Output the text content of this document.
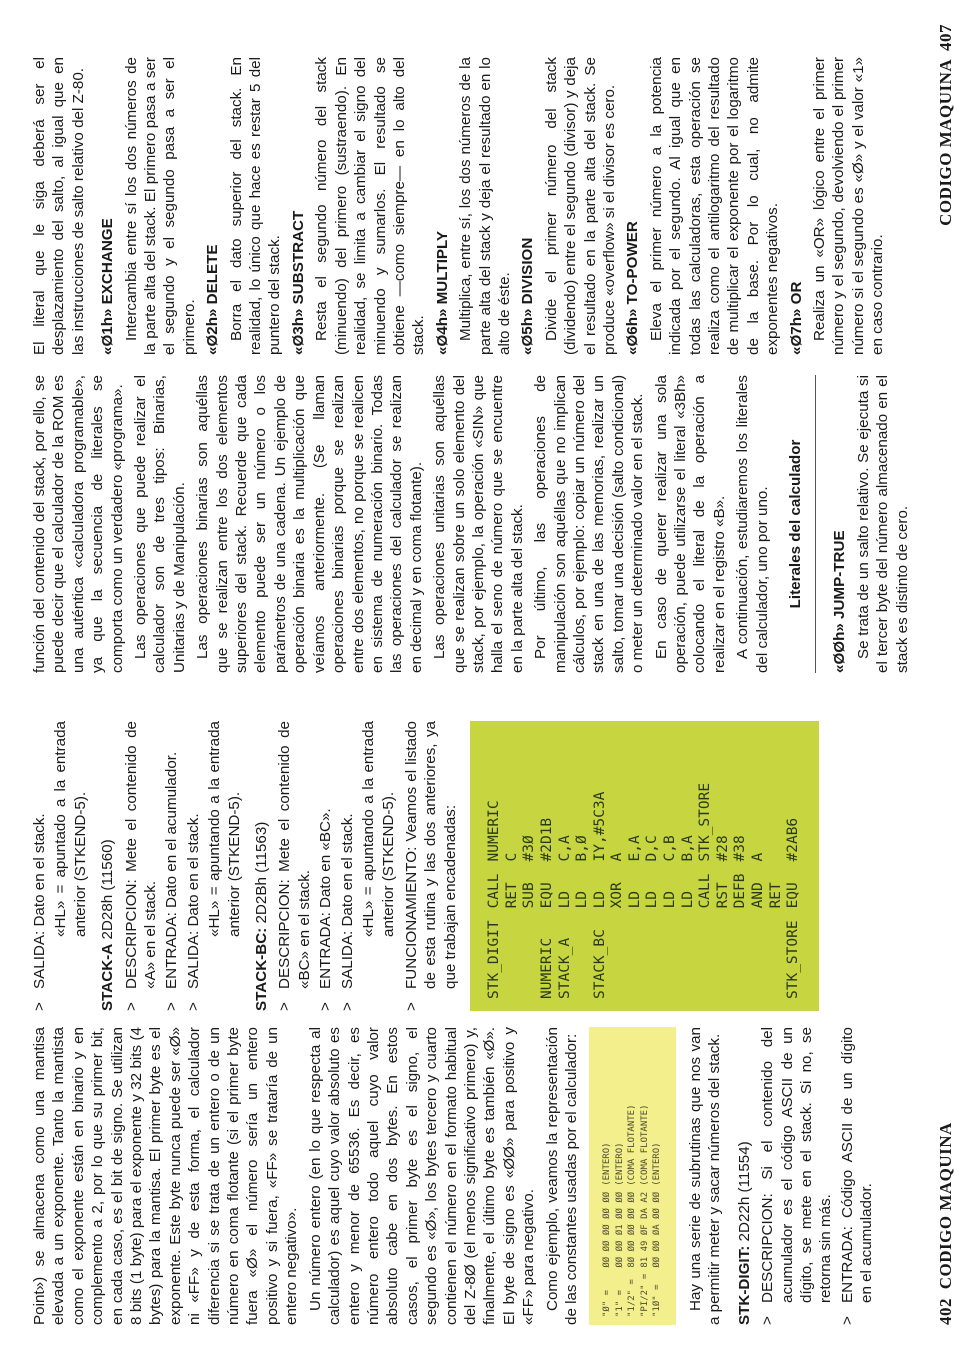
Point») se almacena como una mantisa elevada a un exponente. Tanto la mantista como el exponente están en binario y en complemento a 2, por lo que su primer bit, en cada caso, es el bit de signo. Se utilizan 8 bits (1 byte) para el exponente y 32 bits (4 bytes) para la mantisa. El primer byte es el exponente. Este byte nunca puede ser «Ø» ni «FF» y de esta forma, el calculador diferencia si se trata de un entero o de un número en coma flotante (si el primer byte fuera «Ø» el número sería un entero positivo y si fuera, «FF» se trataría de un entero negativo». Un número entero (en lo que respecta al calculador) es aquel cuyo valor absoluto es entero y menor de 65536. Es decir, es número entero todo aquel cuyo valor absoluto cabe en dos bytes. En estos casos, el primer byte es el signo, el segundo es «Ø», los bytes tercero y cuarto contienen el número en el formato habitual del Z-8Ø (el menos significativo primero) y, finalmente, el último byte es también «Ø». El byte de signo es «ØØ» para positivo y «FF» para negativo. Como ejemplo, veamos la representación de las constantes usadas por el calculador: "Ø" =	ØØ ØØ ØØ ØØ ØØ	(ENTERO)
"1" =	ØØ ØØ Ø1 ØØ ØØ	(ENTERO)
"1/2" =	8Ø ØØ ØØ ØØ ØØ	(COMA FLOTANTE)
"PI/2" =	81 49 ØF DA A2	(COMA FLOTANTE)
"1Ø" =	ØØ ØØ ØA ØØ ØØ	(ENTERO) Hay una serie de subrutinas que nos van a permitir meter y sacar números del stack. STK-DIGIT: 2D22h (11554)

>
DESCRIPCION: Si el contenido del acumulador es el código ASCII de un dígito, se mete en el stack. Si no, se retorna sin más.
>
ENTRADA: Código ASCII de un dígito en el acumulador.
>
SALIDA: Dato en el stack. «HL» = apuntado a la entrada anterior (STKEND-5).

STACK-A 2D28h (11560)

>
DESCRIPCION: Mete el contenido de «A» en el stack.
>
ENTRADA: Dato en el acumulador.
>
SALIDA: Dato en el stack. «HL» = apuntando a la entrada anterior (STKEND-5).

STACK-BC: 2D2Bh (11563)

>
DESCRIPCION: Mete el contenido de «BC» en el stack.
>
ENTRADA: Dato en «BC».
>
SALIDA: Dato en el stack. «HL» = apuntando a la entrada anterior (STKEND-5).

>
FUNCIONAMIENTO: Veamos el listado de esta rutina y las dos anteriores, ya que trabajan encadenadas: STK_DIGIT	CALL	NUMERIC
	RET	C
	SUB	#3Ø
NUMERIC	EQU	#2D1B
STACK_A	LD	C,A
	LD	B,Ø
STACK_BC	LD	IY,#5C3A
	XOR	A
	LD	E,A
	LD	D,C
	LD	C,B
	LD	B,A
	CALL	STK_STORE
	RST	#28
	DEFB	#38
	AND	A
	RET	
STK_STORE	EQU	#2AB6
402 CODIGO MAQUINA

función del contenido del stack, por ello, se puede decir que el calculador de la ROM es una auténtica «calculadora programable», ya que la secuencia de literales se comporta como un verdadero «programa». Las operaciones que puede realizar el calculador son de tres tipos: Binarias, Unitarias y de Manipulación. Las operaciones binarias son aquéllas que se realizan entre los dos elementos superiores del stack. Recuerde que cada elemento puede ser un número o los parámetros de una cadena. Un ejemplo de operación binaria es la multiplicación que veíamos anteriormente. (Se llaman operaciones binarias porque se realizan entre dos elementos, no porque se realicen en sistema de numeración binario. Todas las operaciones del calculador se realizan en decimal y en coma flotante). Las operaciones unitarias son aquéllas que se realizan sobre un solo elemento del stack, por ejemplo, la operación «SIN» que halla el seno de número que se encuentre en la parte alta del stack. Por último, las operaciones de manipulación son aquéllas que no implican cálculos, por ejemplo: copiar un número del stack en una de las memorias, realizar un salto, tomar una decisión (salto condicional) o meter un determinado valor en el stack. En caso de querer realizar una sola operación, puede utilizarse el literal «3Bh» colocando el literal de la operación a realizar en el registro «B». A continuación, estudiaremos los literales del calculador, uno por uno. Literales del calculador	«ØØh» JUMP-TRUE Se trata de un salto relativo. Se ejecuta si el tercer byte del número almacenado en el stack es distinto de cero.

El literal que le siga deberá ser el desplazamiento del salto, al igual que en las instrucciones de salto relativo del Z-80. «Ø1h» EXCHANGE Intercambia entre sí los dos números de la parte alta del stack. El primero pasa a ser el segundo y el segundo pasa a ser el primero. «Ø2h» DELETE Borra el dato superior del stack. En realidad, lo único que hace es restar 5 del puntero del stack. «Ø3h» SUBSTRACT Resta el segundo número del stack (minuendo) del primero (sustraendo). En realidad, se limita a cambiar el signo del minuendo y sumarlos. El resultado se obtiene —como siempre— en lo alto del stack. «Ø4h» MULTIPLY Multiplica, entre sí, los dos números de la parte alta del stack y deja el resultado en lo alto de éste. «Ø5h» DIVISION Divide el primer número del stack (dividendo) entre el segundo (divisor) y deja el resultado en la parte alta del stack. Se produce «overflow» si el divisor es cero. «Ø6h» TO-POWER Eleva el primer número a la potencia indicada por el segundo. Al igual que en todas las calculadoras, esta operación se realiza como el antilogaritmo del resultado de multiplicar el exponente por el logaritmo de la base. Por lo cual, no admite exponentes negativos. «Ø7h» OR Realiza un «OR» lógico entre el primer número y el segundo, devolviendo el primer número si el segundo es «Ø» y el valor «1» en caso contrario.

CODIGO MAQUINA 407
